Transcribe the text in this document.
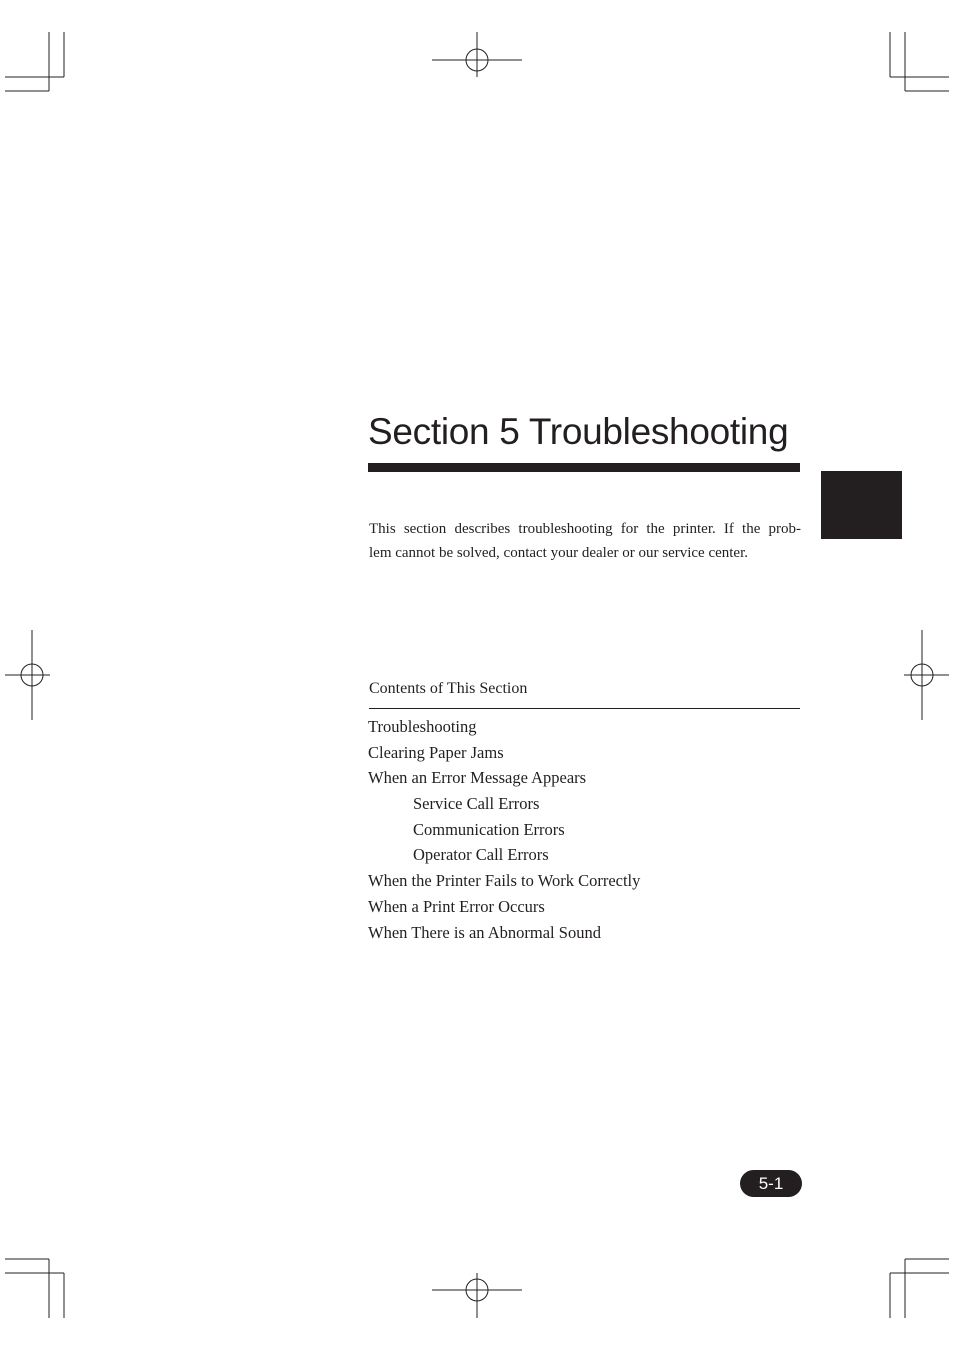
Section 5 Troubleshooting

This section describes troubleshooting for the printer. If the prob-
lem cannot be solved, contact your dealer or our service center.

Contents of This Section
Troubleshooting
Clearing Paper Jams
When an Error Message Appears
Service Call Errors
Communication Errors
Operator Call Errors
When the Printer Fails to Work Correctly
When a Print Error Occurs
When There is an Abnormal Sound
5-1
